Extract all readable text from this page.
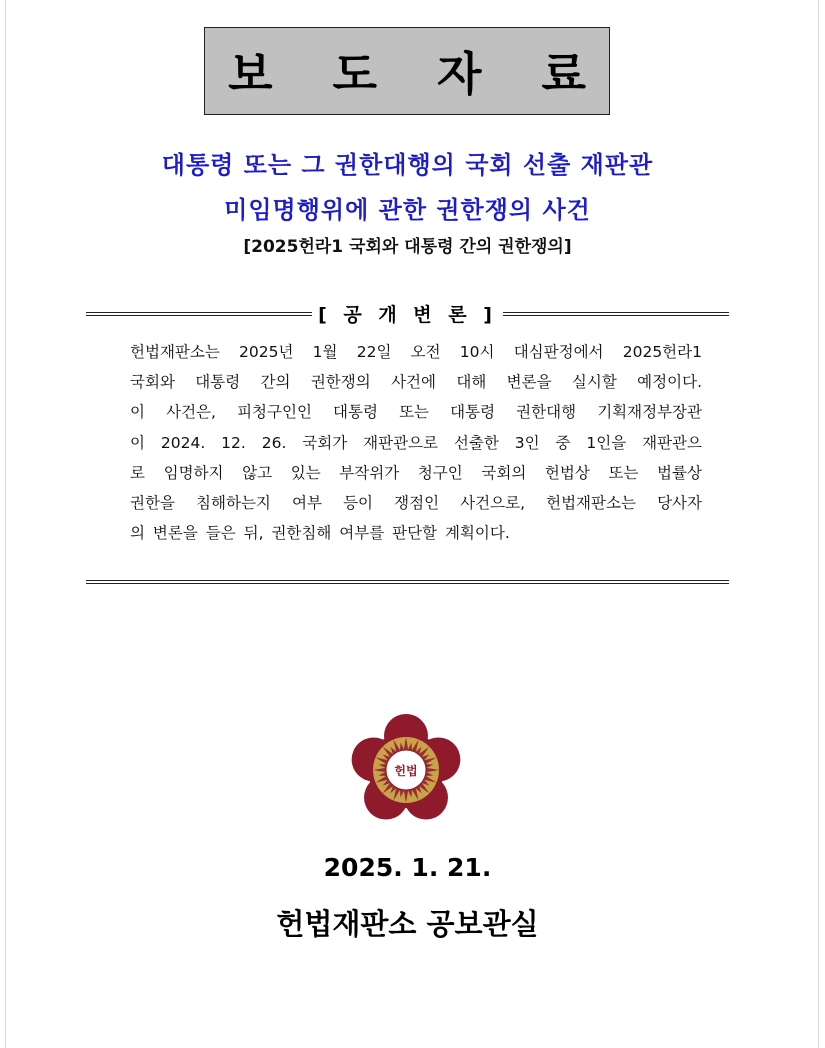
보 도 자 료
대통령 또는 그 권한대행의 국회 선출 재판관
미임명행위에 관한 권한쟁의 사건
[2025헌라1 국회와 대통령 간의 권한쟁의]
[ 공 개 변 론 ]
헌법재판소는 2025년 1월 22일 오전 10시 대심판정에서 2025헌라1
국회와 대통령 간의 권한쟁의 사건에 대해 변론을 실시할 예정이다.
이 사건은, 피청구인인 대통령 또는 대통령 권한대행 기획재정부장관
이 2024. 12. 26. 국회가 재판관으로 선출한 3인 중 1인을 재판관으
로 임명하지 않고 있는 부작위가 청구인 국회의 헌법상 또는 법률상
권한을 침해하는지 여부 등이 쟁점인 사건으로, 헌법재판소는 당사자
의 변론을 들은 뒤, 권한침해 여부를 판단할 계획이다.
헌법
2025. 1. 21.
헌법재판소 공보관실
